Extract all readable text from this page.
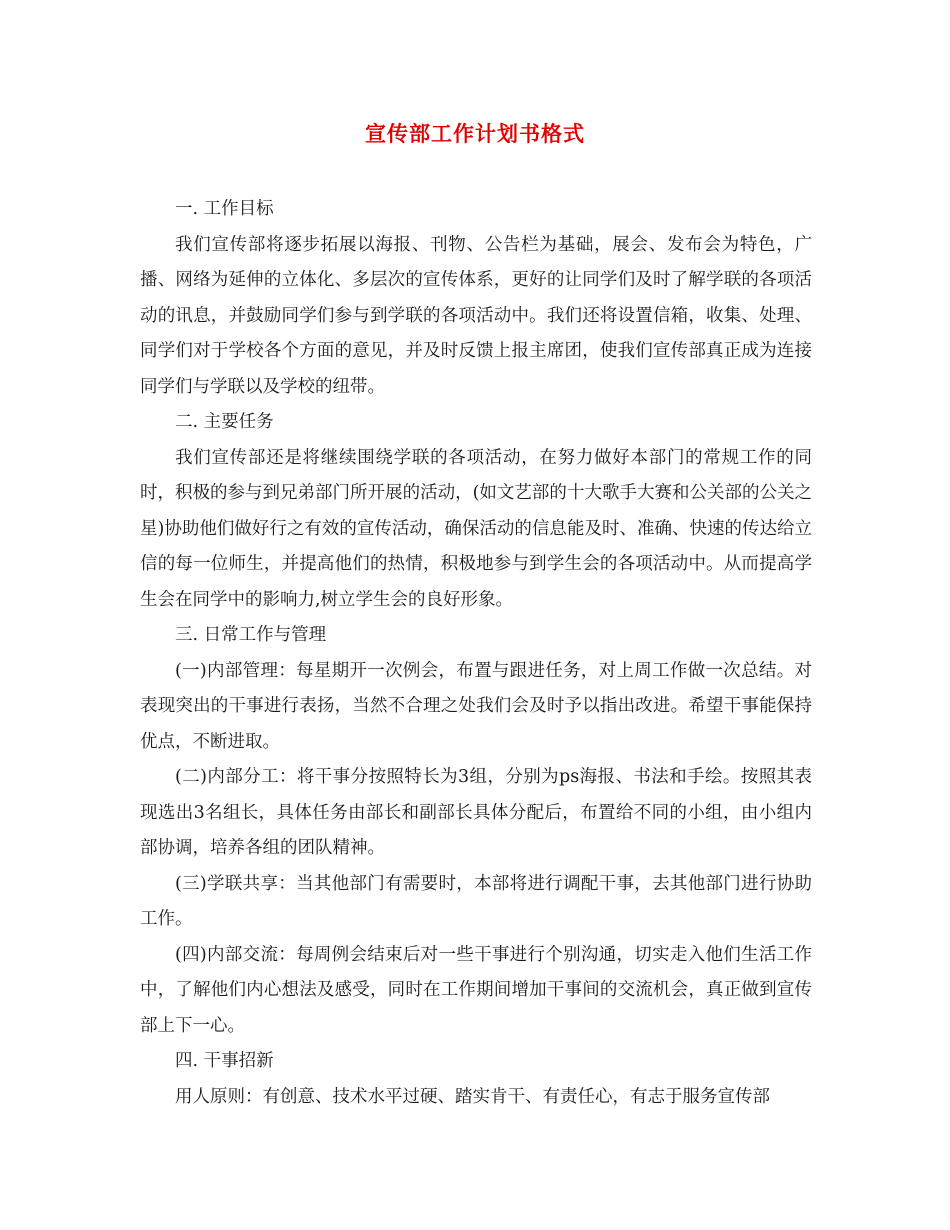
宣传部工作计划书格式

一. 工作目标

我们宣传部将逐步拓展以海报、刊物、公告栏为基础，展会、发布会为特色，广播、网络为延伸的立体化、多层次的宣传体系，更好的让同学们及时了解学联的各项活动的讯息，并鼓励同学们参与到学联的各项活动中。我们还将设置信箱，收集、处理、同学们对于学校各个方面的意见，并及时反馈上报主席团，使我们宣传部真正成为连接同学们与学联以及学校的纽带。

二. 主要任务

我们宣传部还是将继续围绕学联的各项活动，在努力做好本部门的常规工作的同时，积极的参与到兄弟部门所开展的活动，(如文艺部的十大歌手大赛和公关部的公关之星)协助他们做好行之有效的宣传活动，确保活动的信息能及时、准确、快速的传达给立信的每一位师生，并提高他们的热情，积极地参与到学生会的各项活动中。从而提高学生会在同学中的影响力,树立学生会的良好形象。

三. 日常工作与管理

(一)内部管理：每星期开一次例会，布置与跟进任务，对上周工作做一次总结。对表现突出的干事进行表扬，当然不合理之处我们会及时予以指出改进。希望干事能保持优点，不断进取。

(二)内部分工：将干事分按照特长为3组，分别为ps海报、书法和手绘。按照其表现选出3名组长，具体任务由部长和副部长具体分配后，布置给不同的小组，由小组内部协调，培养各组的团队精神。

(三)学联共享：当其他部门有需要时，本部将进行调配干事，去其他部门进行协助工作。

(四)内部交流：每周例会结束后对一些干事进行个别沟通，切实走入他们生活工作中，了解他们内心想法及感受，同时在工作期间增加干事间的交流机会，真正做到宣传部上下一心。

四. 干事招新

用人原则：有创意、技术水平过硬、踏实肯干、有责任心，有志于服务宣传部
